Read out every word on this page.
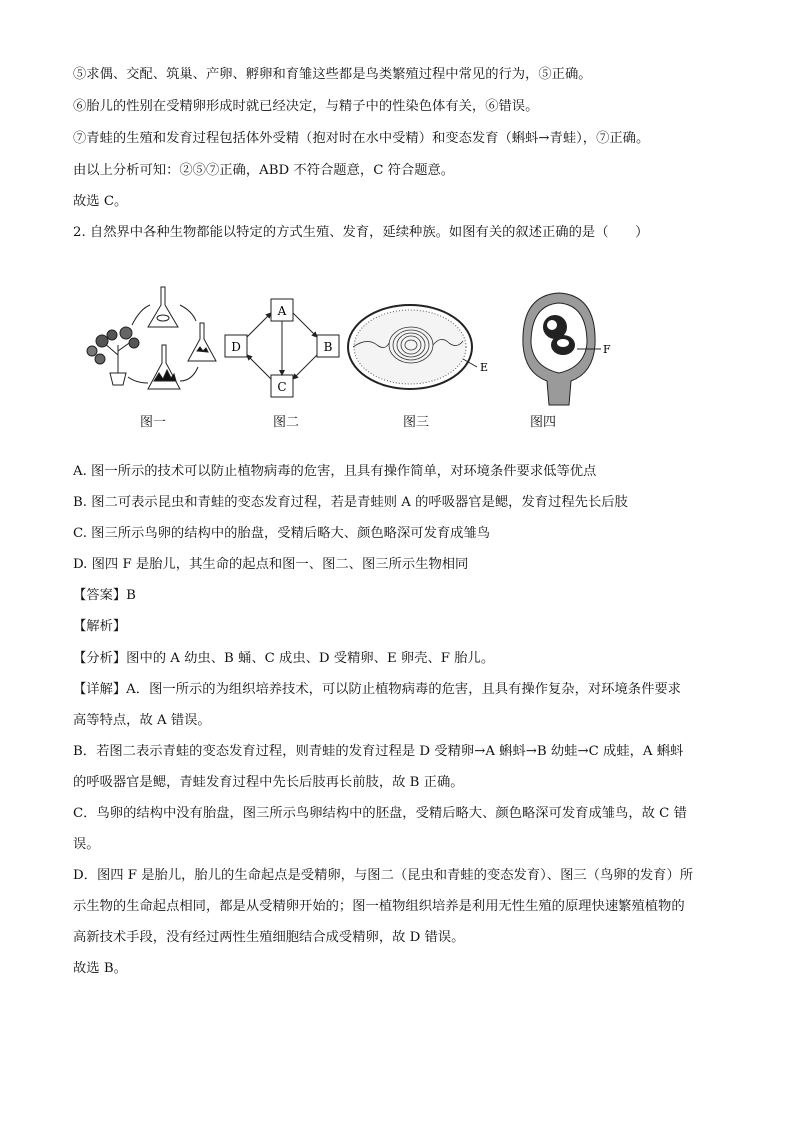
⑤求偶、交配、筑巢、产卵、孵卵和育雏这些都是鸟类繁殖过程中常见的行为，⑤正确。
⑥胎儿的性别在受精卵形成时就已经决定，与精子中的性染色体有关，⑥错误。
⑦青蛙的生殖和发育过程包括体外受精（抱对时在水中受精）和变态发育（蝌蚪→青蛙），⑦正确。
由以上分析可知：②⑤⑦正确，ABD 不符合题意，C 符合题意。
故选 C。
2. 自然界中各种生物都能以特定的方式生殖、发育，延续种族。如图有关的叙述正确的是（　　）
图一
A
B
C
D
图二
E
图三
F
图四
A. 图一所示的技术可以防止植物病毒的危害，且具有操作简单，对环境条件要求低等优点
B. 图二可表示昆虫和青蛙的变态发育过程，若是青蛙则 A 的呼吸器官是鳃，发育过程先长后肢
C. 图三所示鸟卵的结构中的胎盘，受精后略大、颜色略深可发育成雏鸟
D. 图四 F 是胎儿，其生命的起点和图一、图二、图三所示生物相同
【答案】B
【解析】
【分析】图中的 A 幼虫、B 蛹、C 成虫、D 受精卵、E 卵壳、F 胎儿。
【详解】A．图一所示的为组织培养技术，可以防止植物病毒的危害，且具有操作复杂，对环境条件要求
高等特点，故 A 错误。
B．若图二表示青蛙的变态发育过程，则青蛙的发育过程是 D 受精卵→A 蝌蚪→B 幼蛙→C 成蛙，A 蝌蚪
的呼吸器官是鳃，青蛙发育过程中先长后肢再长前肢，故 B 正确。
C．鸟卵的结构中没有胎盘，图三所示鸟卵结构中的胚盘，受精后略大、颜色略深可发育成雏鸟，故 C 错
误。
D．图四 F 是胎儿，胎儿的生命起点是受精卵，与图二（昆虫和青蛙的变态发育）、图三（鸟卵的发育）所
示生物的生命起点相同，都是从受精卵开始的；图一植物组织培养是利用无性生殖的原理快速繁殖植物的
高新技术手段，没有经过两性生殖细胞结合成受精卵，故 D 错误。
故选 B。
